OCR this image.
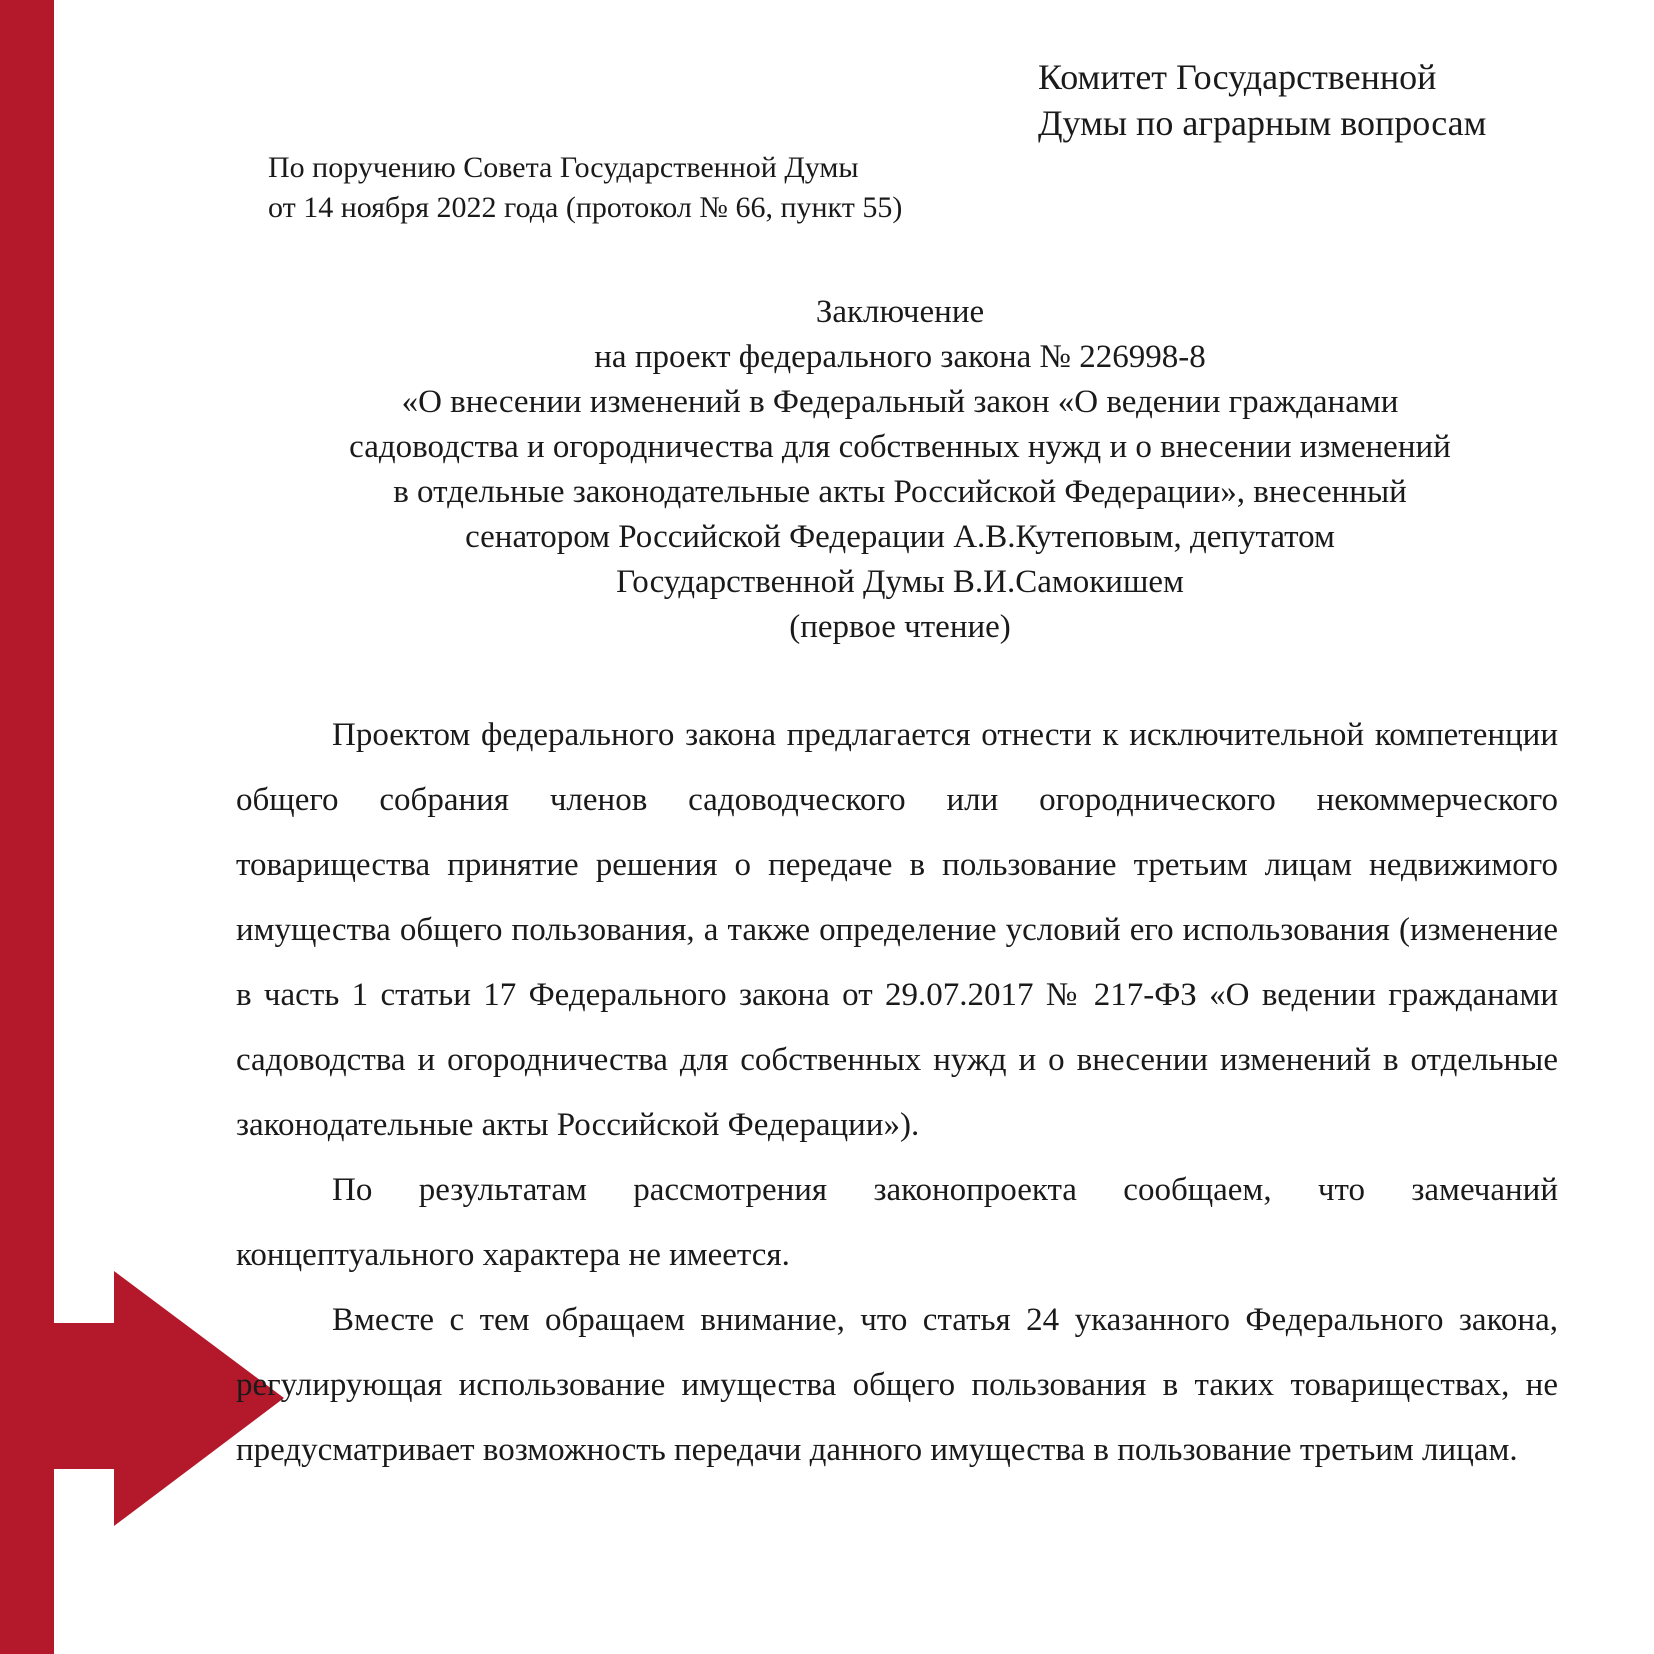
Комитет Государственной
Думы по аграрным вопросам
По поручению Совета Государственной Думы
от 14 ноября 2022 года (протокол № 66, пункт 55)
Заключение
на проект федерального закона № 226998-8
«О внесении изменений в Федеральный закон «О ведении гражданами
садоводства и огородничества для собственных нужд и о внесении изменений
в отдельные законодательные акты Российской Федерации», внесенный
сенатором Российской Федерации А.В.Кутеповым, депутатом
Государственной Думы В.И.Самокишем
(первое чтение)

Проектом федерального закона предлагается отнести к исключительной компетенции общего собрания членов садоводческого или огороднического некоммерческого товарищества принятие решения о передаче в пользование третьим лицам недвижимого имущества общего пользования, а также определение условий его использования (изменение в часть 1 статьи 17 Федерального закона от 29.07.2017 № 217-ФЗ «О ведении гражданами садоводства и огородничества для собственных нужд и о внесении изменений в отдельные законодательные акты Российской Федерации»).

По результатам рассмотрения законопроекта сообщаем, что замечаний концептуального характера не имеется.

Вместе с тем обращаем внимание, что статья 24 указанного Федерального закона, регулирующая использование имущества общего пользования в таких товариществах, не предусматривает возможность передачи данного имущества в пользование третьим лицам.
